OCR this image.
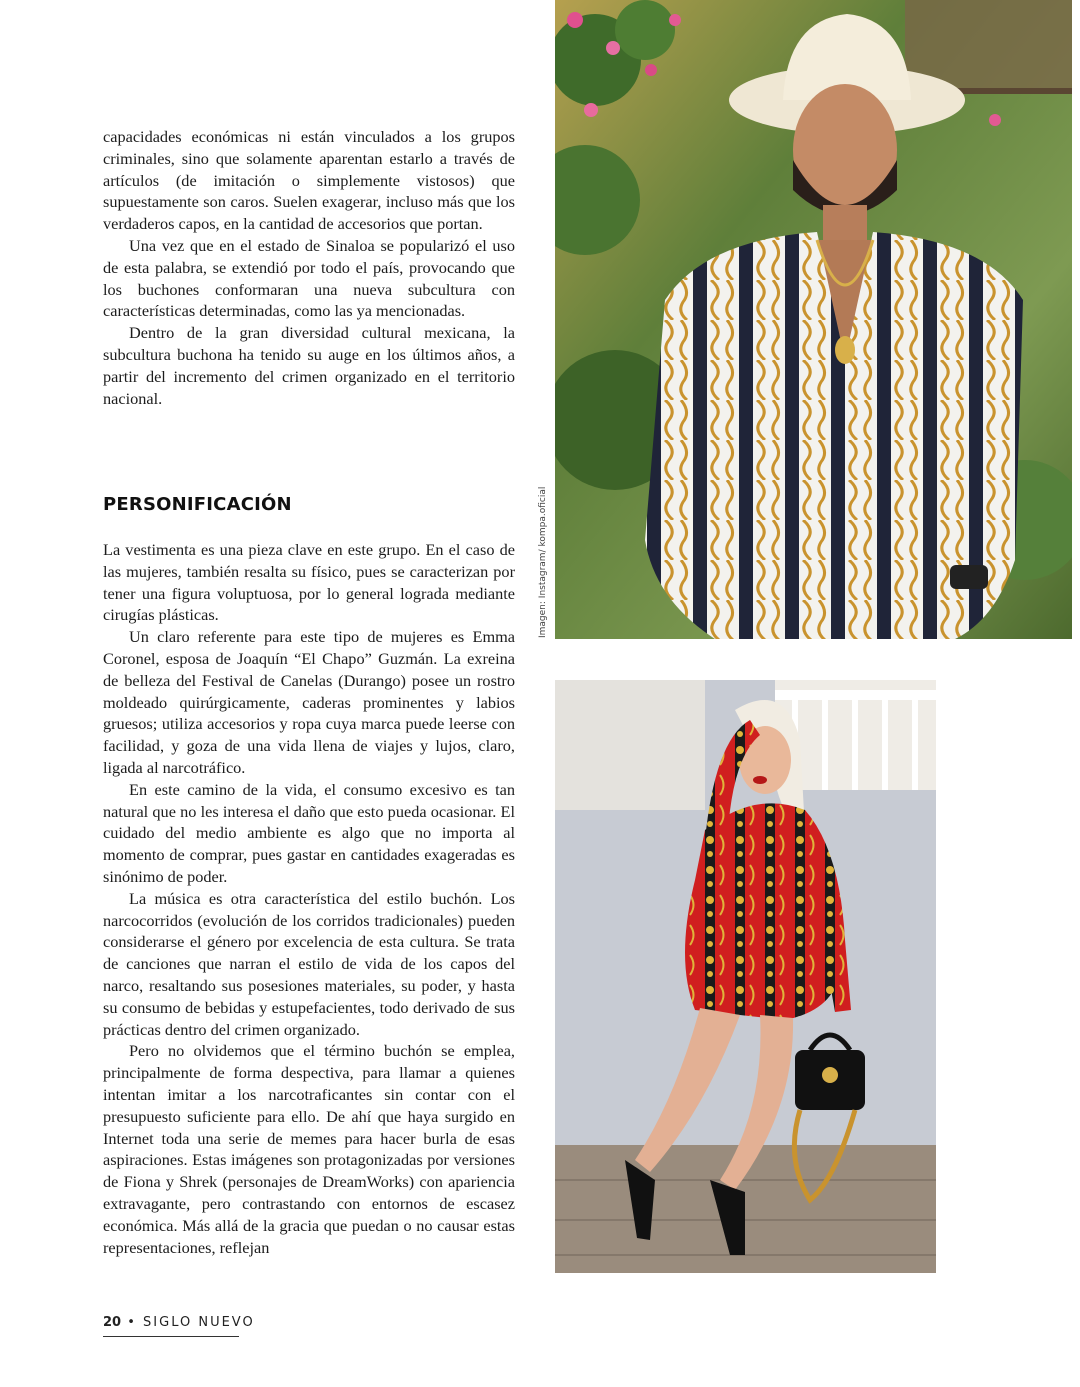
capacidades económicas ni están vinculados a los grupos criminales, sino que solamente aparentan estarlo a través de artículos (de imitación o simplemente vistosos) que supuestamente son caros. Suelen exagerar, incluso más que los verdaderos capos, en la cantidad de accesorios que portan.

Una vez que en el estado de Sinaloa se popularizó el uso de esta palabra, se extendió por todo el país, provocando que los buchones conformaran una nueva subcultura con características determinadas, como las ya mencionadas.

Dentro de la gran diversidad cultural mexicana, la subcultura buchona ha tenido su auge en los últimos años, a partir del incremento del crimen organizado en el territorio nacional.

PERSONIFICACIÓN

La vestimenta es una pieza clave en este grupo. En el caso de las mujeres, también resalta su físico, pues se caracterizan por tener una figura voluptuosa, por lo general lograda mediante cirugías plásticas.

Un claro referente para este tipo de mujeres es Emma Coronel, esposa de Joaquín “El Chapo” Guzmán. La exreina de belleza del Festival de Canelas (Durango) posee un rostro moldeado quirúrgicamente, caderas prominentes y labios gruesos; utiliza accesorios y ropa cuya marca puede leerse con facilidad, y goza de una vida llena de viajes y lujos, claro, ligada al narcotráfico.

En este camino de la vida, el consumo excesivo es tan natural que no les interesa el daño que esto pueda ocasionar. El cuidado del medio ambiente es algo que no importa al momento de comprar, pues gastar en cantidades exageradas es sinónimo de poder.

La música es otra característica del estilo buchón. Los narcocorridos (evolución de los corridos tradicionales) pueden considerarse el género por excelencia de esta cultura. Se trata de canciones que narran el estilo de vida de los capos del narco, resaltando sus posesiones materiales, su poder, y hasta su consumo de bebidas y estupefacientes, todo derivado de sus prácticas dentro del crimen organizado.

Pero no olvidemos que el término buchón se emplea, principalmente de forma despectiva, para llamar a quienes intentan imitar a los narcotraficantes sin contar con el presupuesto suficiente para ello. De ahí que haya surgido en Internet toda una serie de memes para hacer burla de esas aspiraciones. Estas imágenes son protagonizadas por versiones de Fiona y Shrek (personajes de DreamWorks) con apariencia extravagante, pero contrastando con entornos de escasez económica. Más allá de la gracia que puedan o no causar estas representaciones, reflejan

Imagen: Instagram/ kompa.oficial
20 • SIGLO NUEVO
